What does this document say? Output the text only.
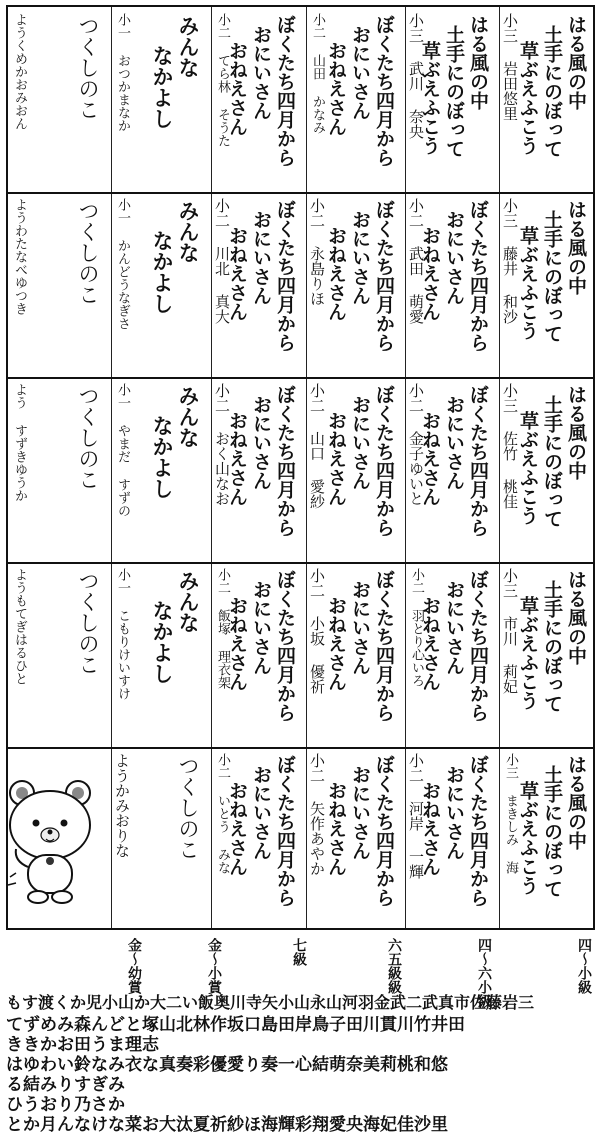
はる風の中
土手にのぼって
草ぶえふこう
小三 岩田悠里
はる風の中
土手にのぼって
草ぶえふこう
小三 武川 奈央
ぼくたち四月から
おにいさん
おねえさん
小二 山田 かなみ
ぼくたち四月から
おにいさん
おねえさん
小二 てら林 そうた
みんな
なかよし
小一 おつかまなか
つくしのこ
ようくめかおみおん
はる風の中
土手にのぼって
草ぶえふこう
小三 藤井 和沙
ぼくたち四月から
おにいさん
おねえさん
小二 武田 萌愛
ぼくたち四月から
おにいさん
おねえさん
小二 永島りほ
ぼくたち四月から
おにいさん
おねえさん
小二 川北 真大
みんな
なかよし
小一 かんどうなぎさ
つくしのこ
ようわたなべゆつき
はる風の中
土手にのぼって
草ぶえふこう
小三 佐竹 桃佳
ぼくたち四月から
おにいさん
おねえさん
小二 金子ゆいと
ぼくたち四月から
おにいさん
おねえさん
小二 山口 愛紗
ぼくたち四月から
おにいさん
おねえさん
小二 おく山なお
みんな
なかよし
小一 やまだ すずの
つくしのこ
よう すずきゆうか
はる風の中
土手にのぼって
草ぶえふこう
小三 市川 莉妃
ぼくたち四月から
おにいさん
おねえさん
小二 羽とり心いろ
ぼくたち四月から
おにいさん
おねえさん
小二 小坂 優祈
ぼくたち四月から
おにいさん
おねえさん
小二 飯塚 理衣架
みんな
なかよし
小一 こもりけいすけ
つくしのこ
ようもてぎはるひと
はる風の中
土手にのぼって
草ぶえふこう
小三 まきしみ 海
ぼくたち四月から
おにいさん
おねえさん
小二 河岸 一輝
ぼくたち四月から
おにいさん
おねえさん
小二 矢作あやか
ぼくたち四月から
おにいさん
おねえさん
小二 いとう みな
つくしのこ
ようかみおりな
四〜小級
四〜六小級
六五級級
七級
金〜小賞
金〜幼賞
もす渡くか児小山か大二い飯奥川寺矢小山永山河羽金武二武真市佐藤岩三
てずめみ森んどと塚山北林作坂口島田岸鳥子田川貫川竹井田
ききかお田うま理志
はゆわい鈴なみ衣な真奏彩優愛り奏一心結萌奈美莉桃和悠
る結みりすぎみ
ひうおり乃さか
とか月んなけな菜お大汰夏祈紗ほ海輝彩翔愛央海妃佳沙里
